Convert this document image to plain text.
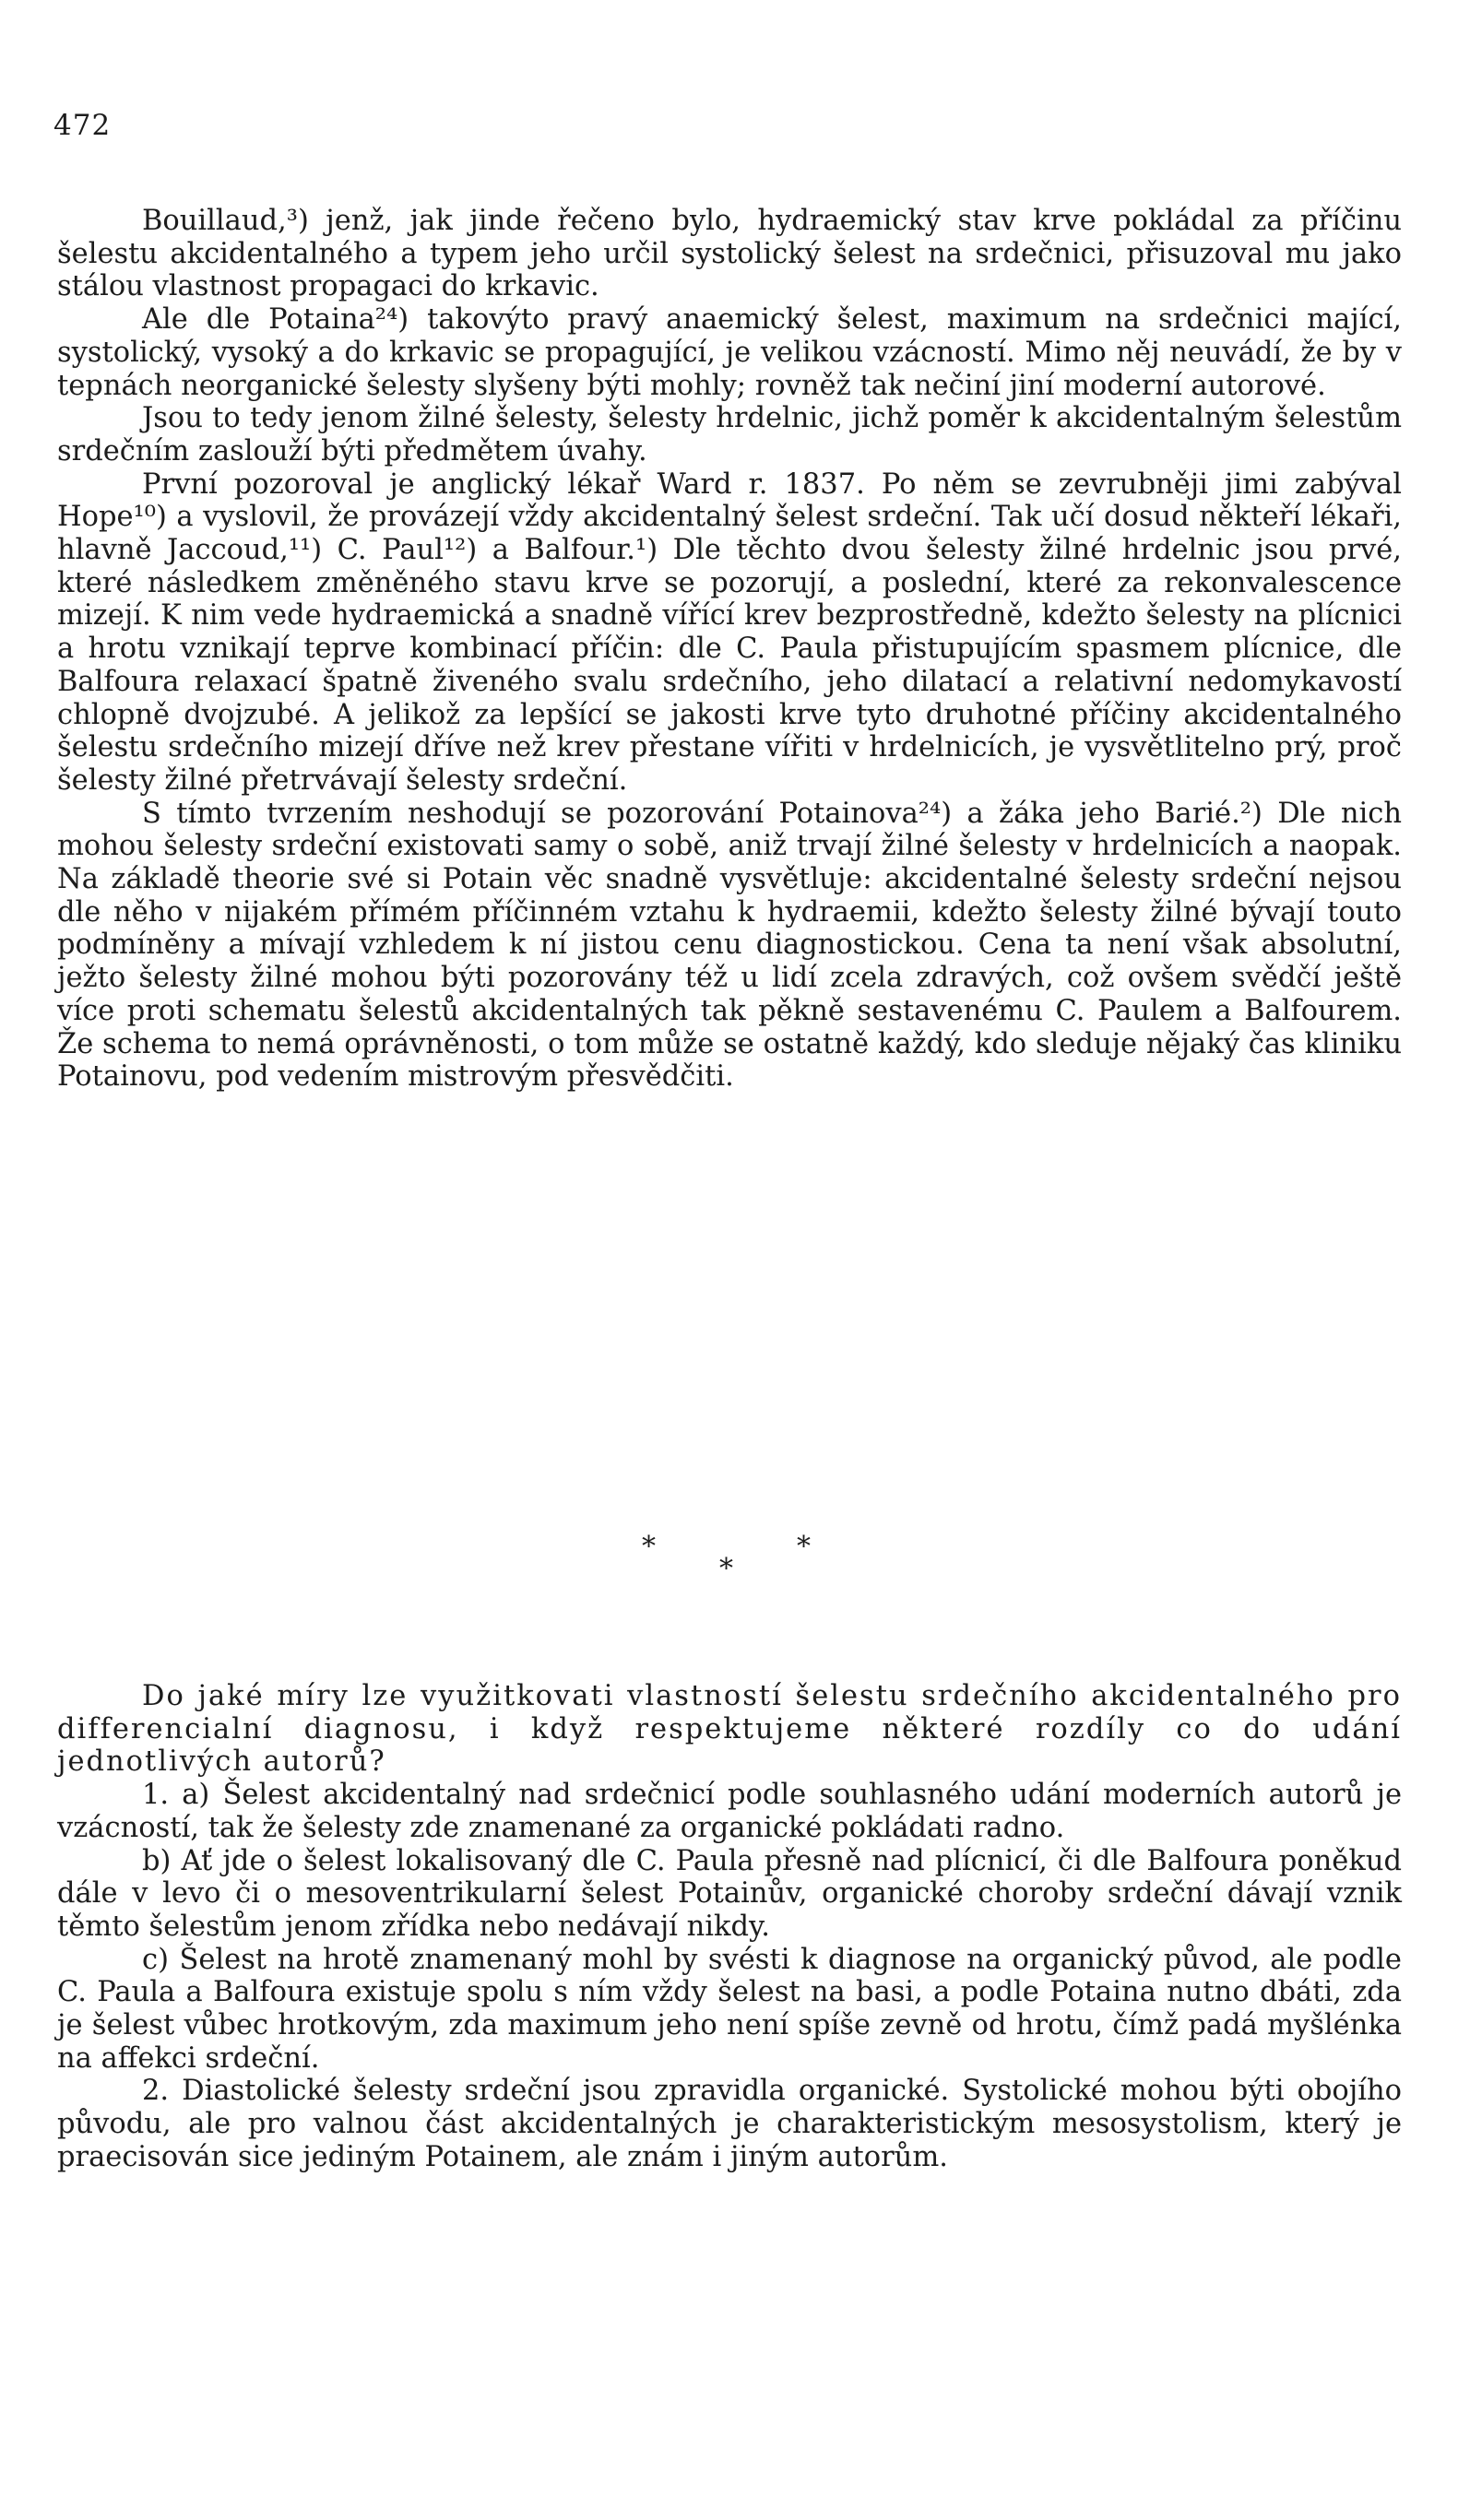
472

Bouillaud,³) jenž, jak jinde řečeno bylo, hydraemický stav krve pokládal za příčinu šelestu akcidentalného a typem jeho určil systolický šelest na srdečnici, přisuzoval mu jako stálou vlastnost propagaci do krkavic.

Ale dle Potaina²⁴) takovýto pravý anaemický šelest, maximum na srdečnici mající, systolický, vysoký a do krkavic se propagující, je velikou vzácností. Mimo něj neuvádí, že by v tepnách neorganické šelesty slyšeny býti mohly; rovněž tak nečiní jiní moderní autorové.

Jsou to tedy jenom žilné šelesty, šelesty hrdelnic, jichž poměr k akcidentalným šelestům srdečním zaslouží býti předmětem úvahy.

První pozoroval je anglický lékař Ward r. 1837. Po něm se zevrubněji jimi zabýval Hope¹⁰) a vyslovil, že provázejí vždy akcidentalný šelest srdeční. Tak učí dosud někteří lékaři, hlavně Jaccoud,¹¹) C. Paul¹²) a Balfour.¹) Dle těchto dvou šelesty žilné hrdelnic jsou prvé, které následkem změněného stavu krve se pozorují, a poslední, které za rekonvalescence mizejí. K nim vede hydraemická a snadně vířící krev bezprostředně, kdežto šelesty na plícnici a hrotu vznikají teprve kombinací příčin: dle C. Paula přistupujícím spasmem plícnice, dle Balfoura relaxací špatně živeného svalu srdečního, jeho dilatací a relativní nedomykavostí chlopně dvojzubé. A jelikož za lepšící se jakosti krve tyto druhotné příčiny akcidentalného šelestu srdečního mizejí dříve než krev přestane vířiti v hrdelnicích, je vysvětlitelno prý, proč šelesty žilné přetrvávají šelesty srdeční.

S tímto tvrzením neshodují se pozorování Potainova²⁴) a žáka jeho Barié.²) Dle nich mohou šelesty srdeční existovati samy o sobě, aniž trvají žilné šelesty v hrdelnicích a naopak. Na základě theorie své si Potain věc snadně vysvětluje: akcidentalné šelesty srdeční nejsou dle něho v nijakém přímém příčinném vztahu k hydraemii, kdežto šelesty žilné bývají touto podmíněny a mívají vzhledem k ní jistou cenu diagnostickou. Cena ta není však absolutní, ježto šelesty žilné mohou býti pozorovány též u lidí zcela zdravých, což ovšem svědčí ještě více proti schematu šelestů akcidentalných tak pěkně sestavenému C. Paulem a Balfourem. Že schema to nemá oprávněnosti, o tom může se ostatně každý, kdo sleduje nějaký čas kliniku Potainovu, pod vedením mistrovým přesvědčiti.

*	*
*

Do jaké míry lze využitkovati vlastností šelestu srdečního akcidentalného pro differencialní diagnosu, i když respektujeme některé rozdíly co do udání jednotlivých autorů?

1. a) Šelest akcidentalný nad srdečnicí podle souhlasného udání moderních autorů je vzácností, tak že šelesty zde znamenané za organické pokládati radno.

b) Ať jde o šelest lokalisovaný dle C. Paula přesně nad plícnicí, či dle Balfoura poněkud dále v levo či o mesoventrikularní šelest Potainův, organické choroby srdeční dávají vznik těmto šelestům jenom zřídka nebo nedávají nikdy.

c) Šelest na hrotě znamenaný mohl by svésti k diagnose na organický původ, ale podle C. Paula a Balfoura existuje spolu s ním vždy šelest na basi, a podle Potaina nutno dbáti, zda je šelest vůbec hrotkovým, zda maximum jeho není spíše zevně od hrotu, čímž padá myšlénka na affekci srdeční.

2. Diastolické šelesty srdeční jsou zpravidla organické. Systolické mohou býti obojího původu, ale pro valnou část akcidentalných je charakteristickým mesosystolism, který je praecisován sice jediným Potainem, ale znám i jiným autorům.
